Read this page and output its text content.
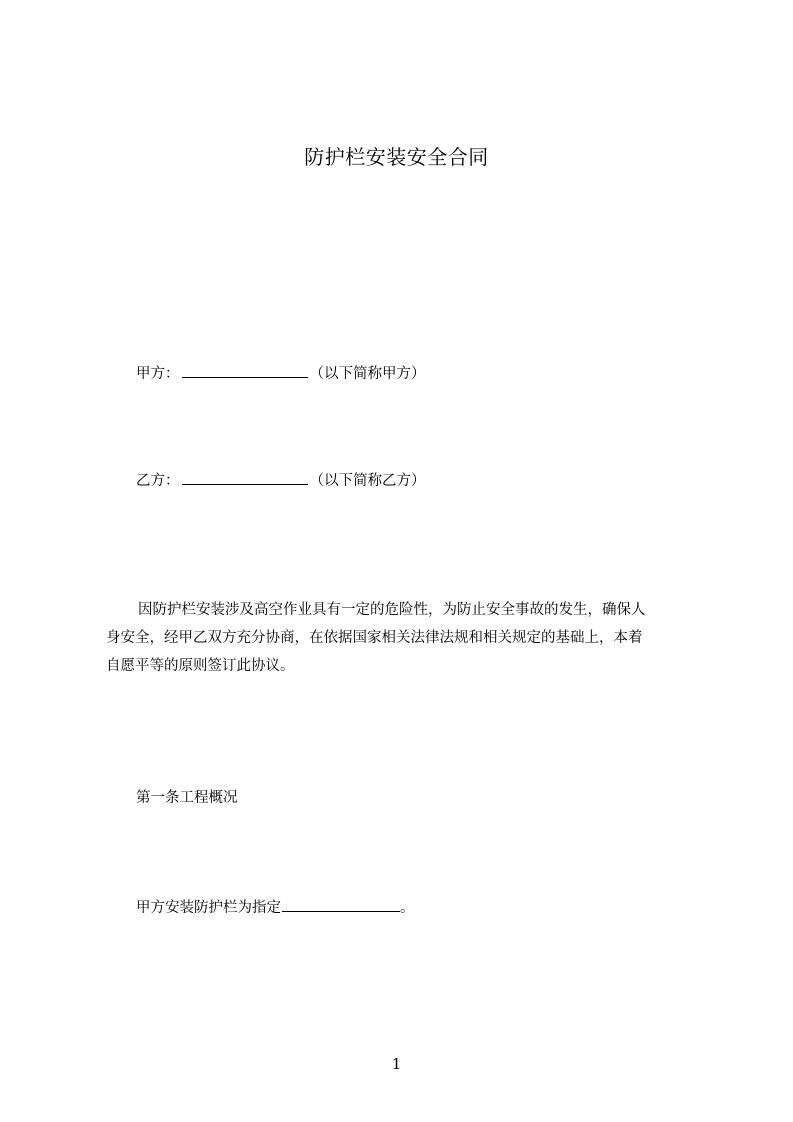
防护栏安装安全合同
甲方：	（以下简称甲方）
乙方：	（以下简称乙方）
因防护栏安装涉及高空作业具有一定的危险性，为防止安全事故的发生，确保人
身安全，经甲乙双方充分协商，在依据国家相关法律法规和相关规定的基础上，本着
自愿平等的原则签订此协议。
第一条工程概况
甲方安装防护栏为指定	。
1
